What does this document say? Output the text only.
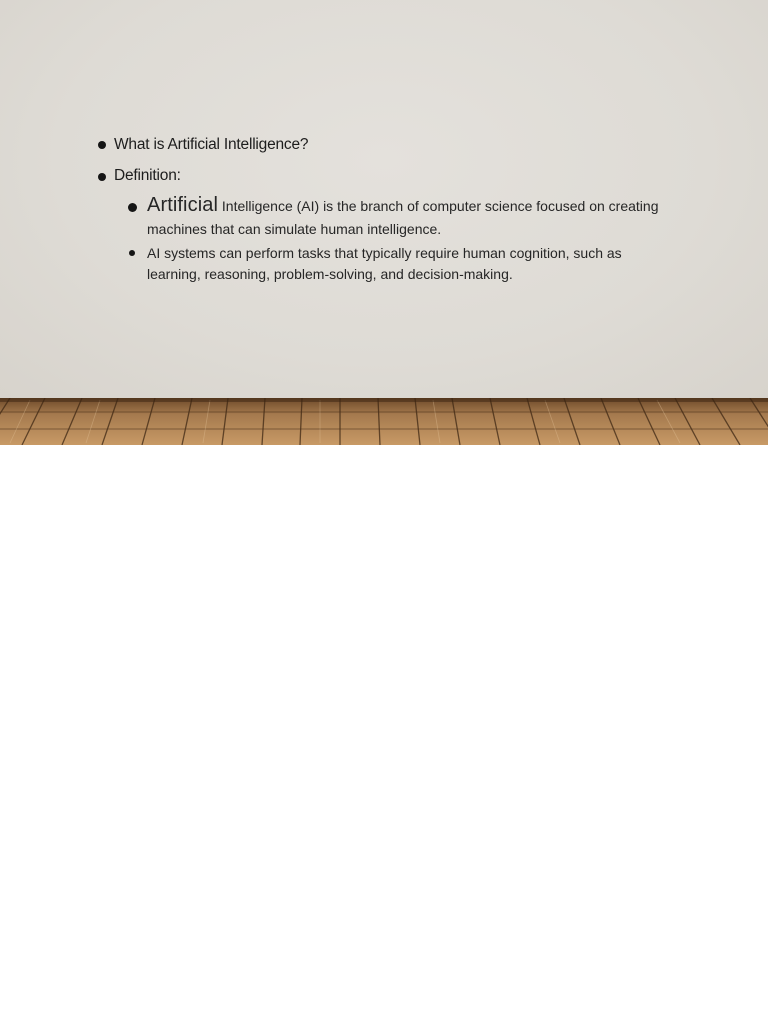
What is Artificial Intelligence?
Definition:
Artificial Intelligence (AI) is the branch of computer science focused on creating
machines that can simulate human intelligence.
AI systems can perform tasks that typically require human cognition, such as
learning, reasoning, problem-solving, and decision-making.
